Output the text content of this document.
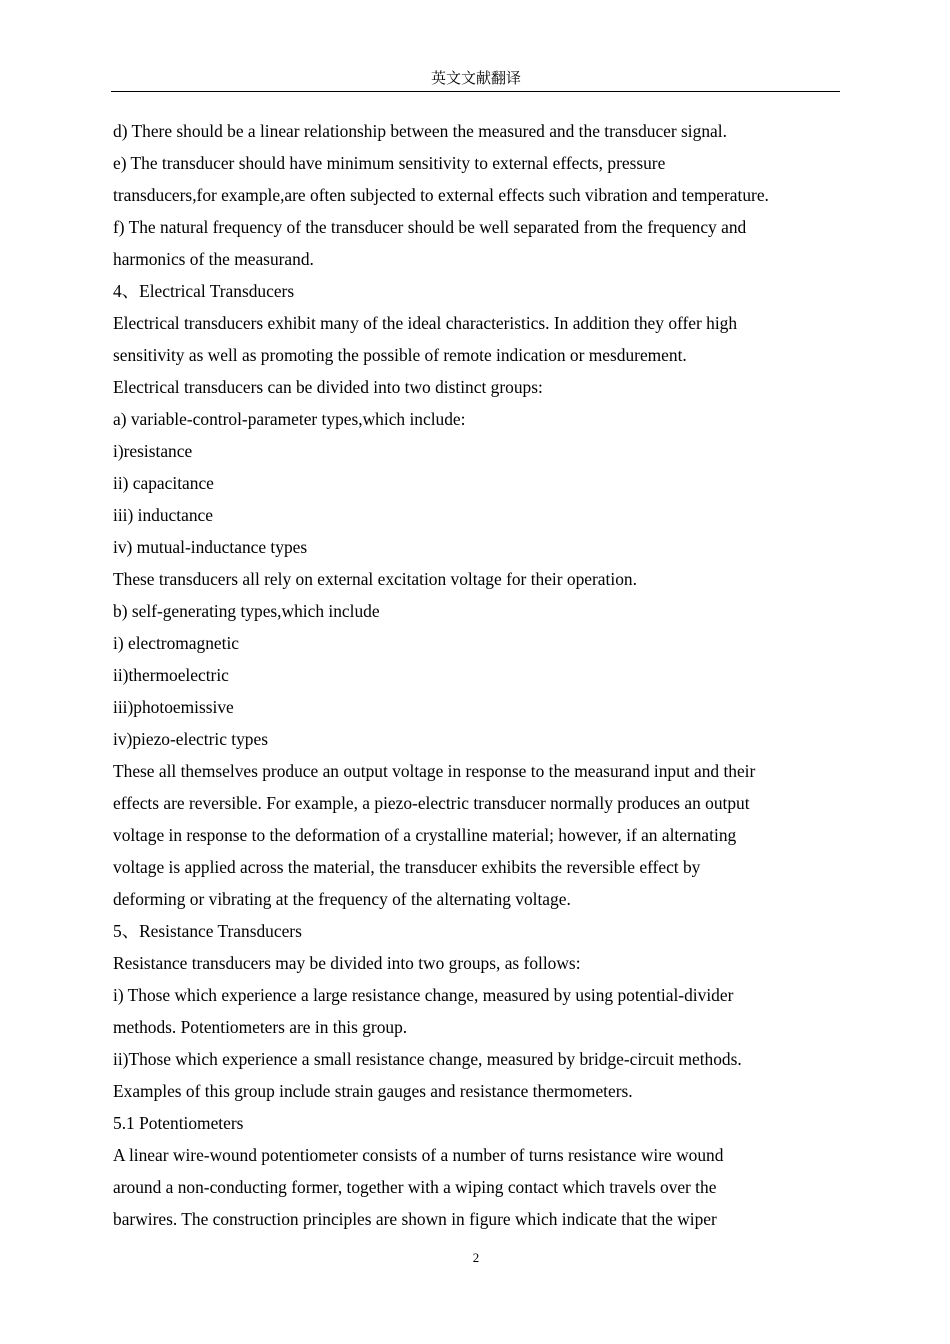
英文文献翻译
d) There should be a linear relationship between the measured and the transducer signal.
e) The transducer should have minimum sensitivity to external effects, pressure
transducers,for example,are often subjected to external effects such vibration and temperature.
f) The natural frequency of the transducer should be well separated from the frequency and
harmonics of the measurand.
4、Electrical Transducers
Electrical transducers exhibit many of the ideal characteristics. In addition they offer high
sensitivity as well as promoting the possible of remote indication or mesdurement.
Electrical transducers can be divided into two distinct groups:
a) variable-control-parameter types,which include:
i)resistance
ii) capacitance
iii) inductance
iv) mutual-inductance types
These transducers all rely on external excitation voltage for their operation.
b) self-generating types,which include
i) electromagnetic
ii)thermoelectric
iii)photoemissive
iv)piezo-electric types
These all themselves produce an output voltage in response to the measurand input and their
effects are reversible. For example, a piezo-electric transducer normally produces an output
voltage in response to the deformation of a crystalline material; however, if an alternating
voltage is applied across the material, the transducer exhibits the reversible effect by
deforming or vibrating at the frequency of the alternating voltage.
5、Resistance Transducers
Resistance transducers may be divided into two groups, as follows:
i) Those which experience a large resistance change, measured by using potential-divider
methods. Potentiometers are in this group.
ii)Those which experience a small resistance change, measured by bridge-circuit methods.
Examples of this group include strain gauges and resistance thermometers.
5.1 Potentiometers
A linear wire-wound potentiometer consists of a number of turns resistance wire wound
around a non-conducting former, together with a wiping contact which travels over the
barwires. The construction principles are shown in figure which indicate that the wiper
2
